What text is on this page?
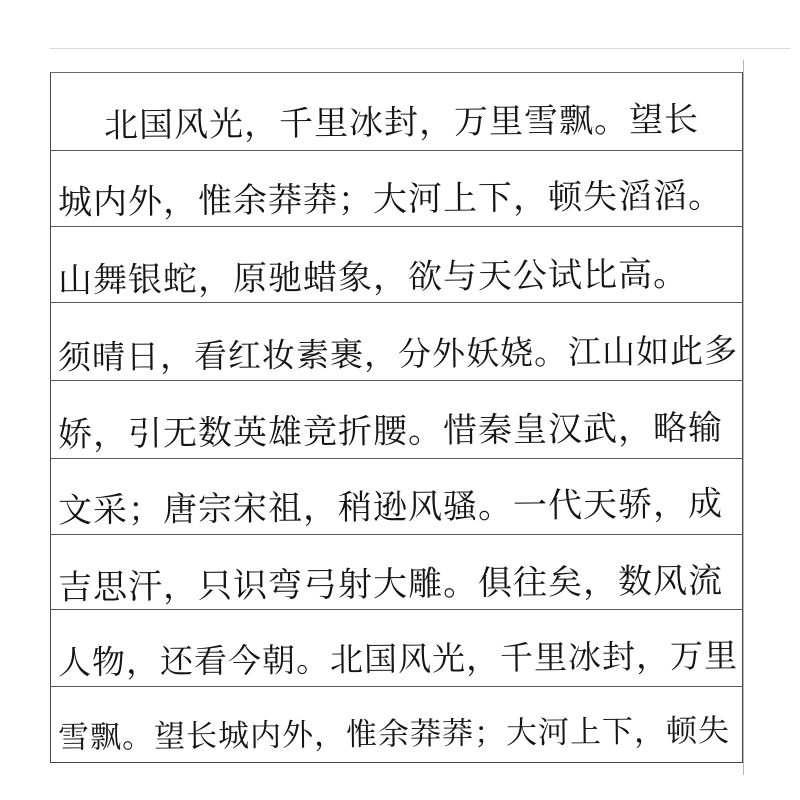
北国风光，千里冰封，万里雪飘。望长
城内外，惟余莽莽；大河上下，顿失滔滔。
山舞银蛇，原驰蜡象，欲与天公试比高。
须晴日，看红妆素裹，分外妖娆。江山如此多
娇，引无数英雄竞折腰。惜秦皇汉武，略输
文采；唐宗宋祖，稍逊风骚。一代天骄，成
吉思汗，只识弯弓射大雕。俱往矣，数风流
人物，还看今朝。北国风光，千里冰封，万里
雪飘。望长城内外，惟余莽莽；大河上下，顿失
